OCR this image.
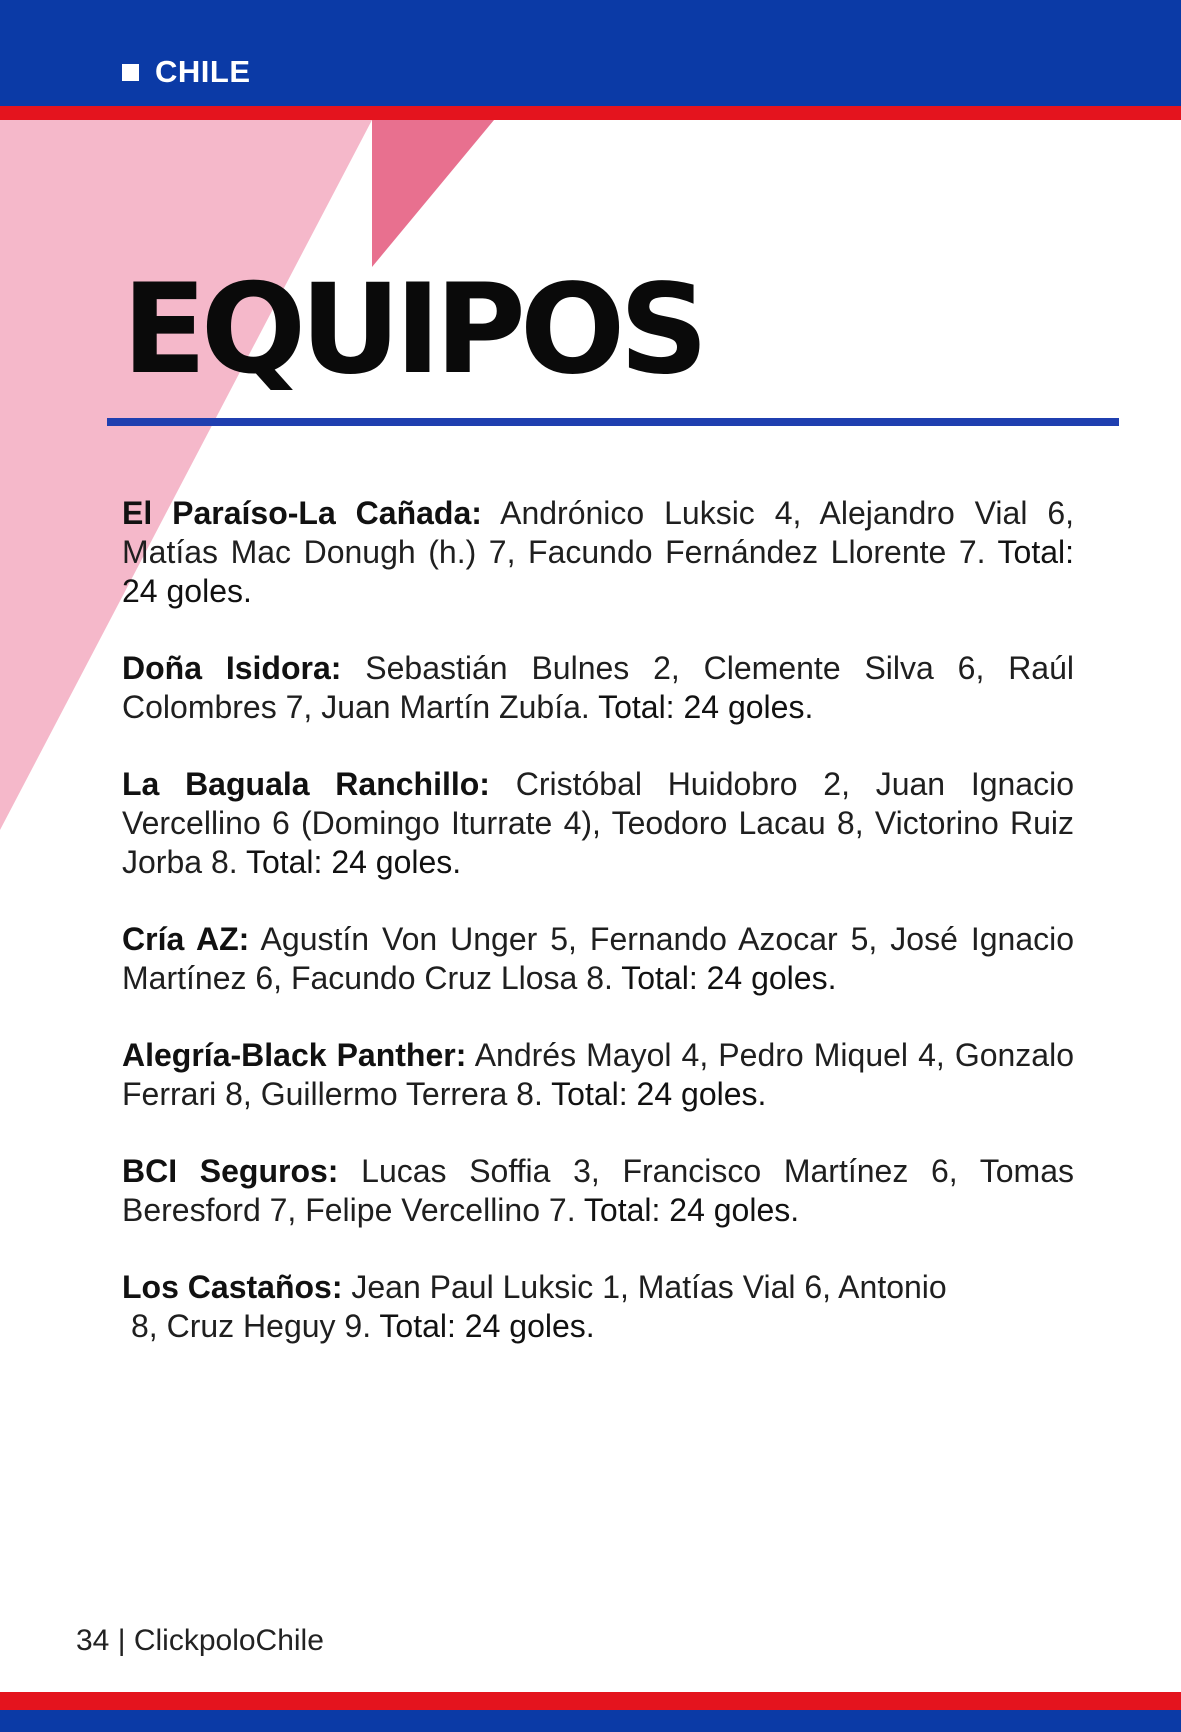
CHILE
EQUIPOS

El Paraíso-La Cañada: Andrónico Luksic 4, Alejandro Vial 6, Matías Mac Donugh (h.) 7, Facundo Fernández Llorente 7. Total: 24 goles.

Doña Isidora: Sebastián Bulnes 2, Clemente Silva 6, Raúl Colombres 7, Juan Martín Zubía. Total: 24 goles.

La Baguala Ranchillo: Cristóbal Huidobro 2, Juan Ignacio Vercellino 6 (Domingo Iturrate 4), Teodoro Lacau 8, Victorino Ruiz Jorba 8. Total: 24 goles.

Cría AZ: Agustín Von Unger 5, Fernando Azocar 5, José Ignacio Martínez 6, Facundo Cruz Llosa 8. Total: 24 goles.

Alegría-Black Panther: Andrés Mayol 4, Pedro Miquel 4, Gonzalo Ferrari 8, Guillermo Terrera 8. Total: 24 goles.

BCI Seguros: Lucas Soffia 3, Francisco Martínez 6, Tomas Beresford 7, Felipe Vercellino 7. Total: 24 goles.

Los Castaños: Jean Paul Luksic 1, Matías Vial 6, Antonio
8, Cruz Heguy 9. Total: 24 goles.

34 | ClickpoloChile
